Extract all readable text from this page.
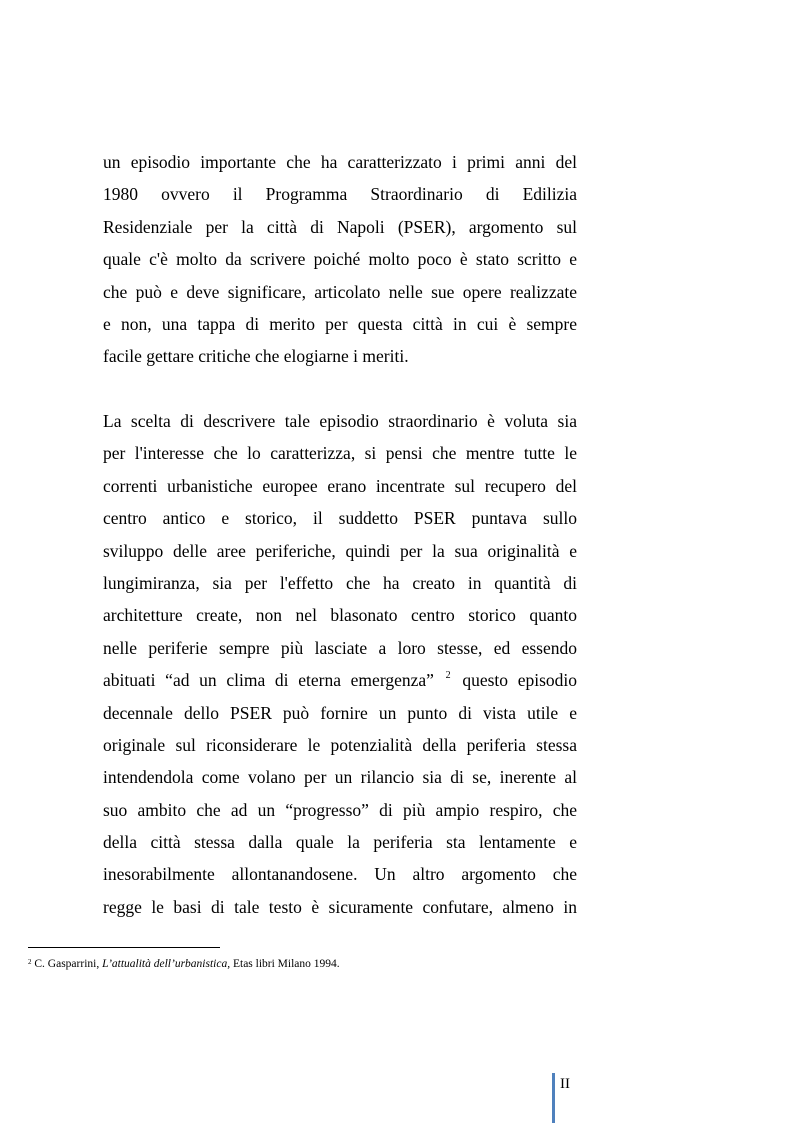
un episodio importante che ha caratterizzato i primi anni del
1980 ovvero il Programma Straordinario di Edilizia
Residenziale per la città di Napoli (PSER), argomento sul
quale c'è molto da scrivere poiché molto poco è stato scritto e
che può e deve significare, articolato nelle sue opere realizzate
e non, una tappa di merito per questa città in cui è sempre
facile gettare critiche che elogiarne i meriti.
La scelta di descrivere tale episodio straordinario è voluta sia
per l'interesse che lo caratterizza, si pensi che mentre tutte le
correnti urbanistiche europee erano incentrate sul recupero del
centro antico e storico, il suddetto PSER puntava sullo
sviluppo delle aree periferiche, quindi per la sua originalità e
lungimiranza, sia per l'effetto che ha creato in quantità di
architetture create, non nel blasonato centro storico quanto
nelle periferie sempre più lasciate a loro stesse, ed essendo
abituati “ad un clima di eterna emergenza” $^2$ questo episodio
decennale dello PSER può fornire un punto di vista utile e
originale sul riconsiderare le potenzialità della periferia stessa
intendendola come volano per un rilancio sia di se, inerente al
suo ambito che ad un “progresso” di più ampio respiro, che
della città stessa dalla quale la periferia sta lentamente e
inesorabilmente allontanandosene. Un altro argomento che
regge le basi di tale testo è sicuramente confutare, almeno in
$^2$ C. Gasparrini, L’attualità dell’urbanistica, Etas libri Milano 1994.
II
